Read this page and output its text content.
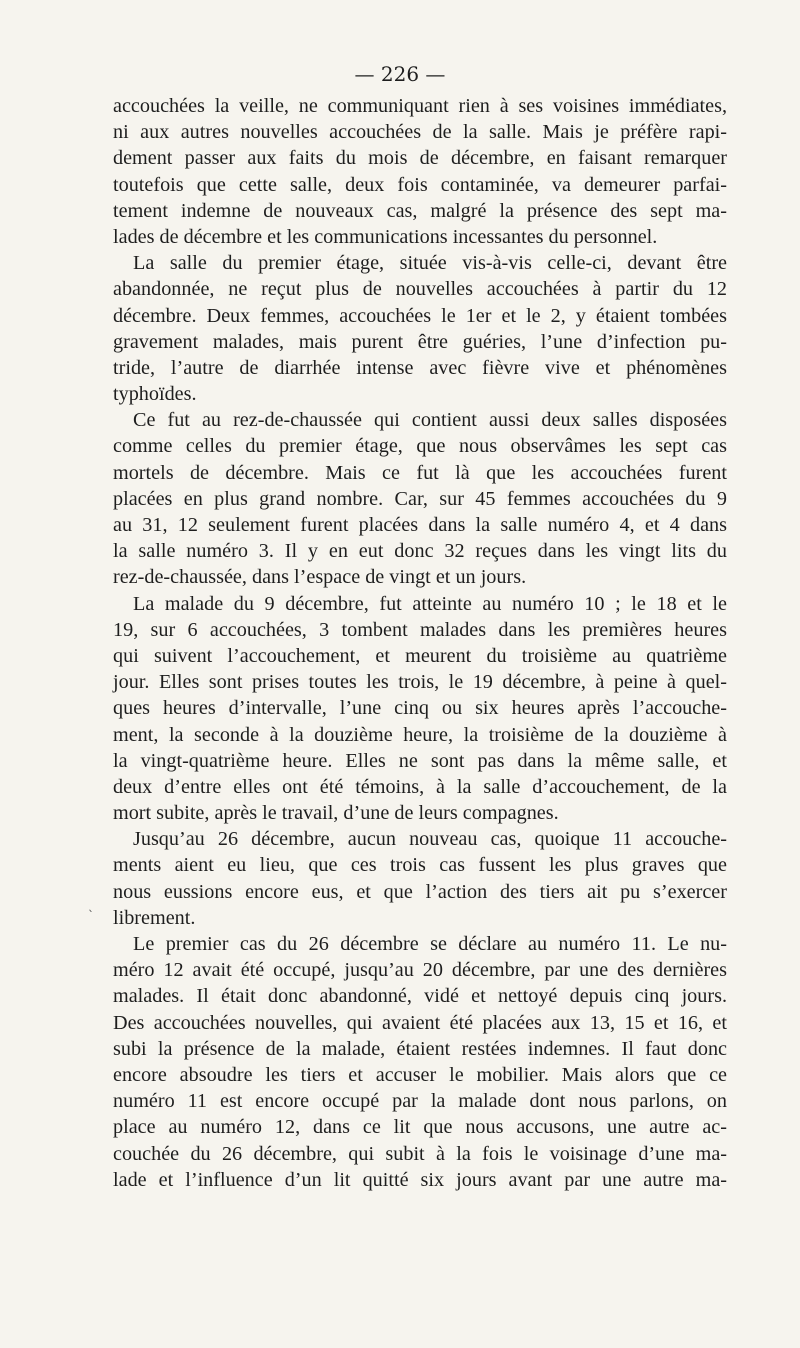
— 226 —
accouchées la veille, ne communiquant rien à ses voisines immédiates,
ni aux autres nouvelles accouchées de la salle. Mais je préfère rapi-
dement passer aux faits du mois de décembre, en faisant remarquer
toutefois que cette salle, deux fois contaminée, va demeurer parfai-
tement indemne de nouveaux cas, malgré la présence des sept ma-
lades de décembre et les communications incessantes du personnel.
La salle du premier étage, située vis-à-vis celle-ci, devant être
abandonnée, ne reçut plus de nouvelles accouchées à partir du 12
décembre. Deux femmes, accouchées le 1er et le 2, y étaient tombées
gravement malades, mais purent être guéries, l’une d’infection pu-
tride, l’autre de diarrhée intense avec fièvre vive et phénomènes
typhoïdes.
Ce fut au rez-de-chaussée qui contient aussi deux salles disposées
comme celles du premier étage, que nous observâmes les sept cas
mortels de décembre. Mais ce fut là que les accouchées furent
placées en plus grand nombre. Car, sur 45 femmes accouchées du 9
au 31, 12 seulement furent placées dans la salle numéro 4, et 4 dans
la salle numéro 3. Il y en eut donc 32 reçues dans les vingt lits du
rez-de-chaussée, dans l’espace de vingt et un jours.
La malade du 9 décembre, fut atteinte au numéro 10 ; le 18 et le
19, sur 6 accouchées, 3 tombent malades dans les premières heures
qui suivent l’accouchement, et meurent du troisième au quatrième
jour. Elles sont prises toutes les trois, le 19 décembre, à peine à quel-
ques heures d’intervalle, l’une cinq ou six heures après l’accouche-
ment, la seconde à la douzième heure, la troisième de la douzième à
la vingt-quatrième heure. Elles ne sont pas dans la même salle, et
deux d’entre elles ont été témoins, à la salle d’accouchement, de la
mort subite, après le travail, d’une de leurs compagnes.
Jusqu’au 26 décembre, aucun nouveau cas, quoique 11 accouche-
ments aient eu lieu, que ces trois cas fussent les plus graves que
nous eussions encore eus, et que l’action des tiers ait pu s’exercer
librement.
Le premier cas du 26 décembre se déclare au numéro 11. Le nu-
méro 12 avait été occupé, jusqu’au 20 décembre, par une des dernières
malades. Il était donc abandonné, vidé et nettoyé depuis cinq jours.
Des accouchées nouvelles, qui avaient été placées aux 13, 15 et 16, et
subi la présence de la malade, étaient restées indemnes. Il faut donc
encore absoudre les tiers et accuser le mobilier. Mais alors que ce
numéro 11 est encore occupé par la malade dont nous parlons, on
place au numéro 12, dans ce lit que nous accusons, une autre ac-
couchée du 26 décembre, qui subit à la fois le voisinage d’une ma-
lade et l’influence d’un lit quitté six jours avant par une autre ma-
ˎ
